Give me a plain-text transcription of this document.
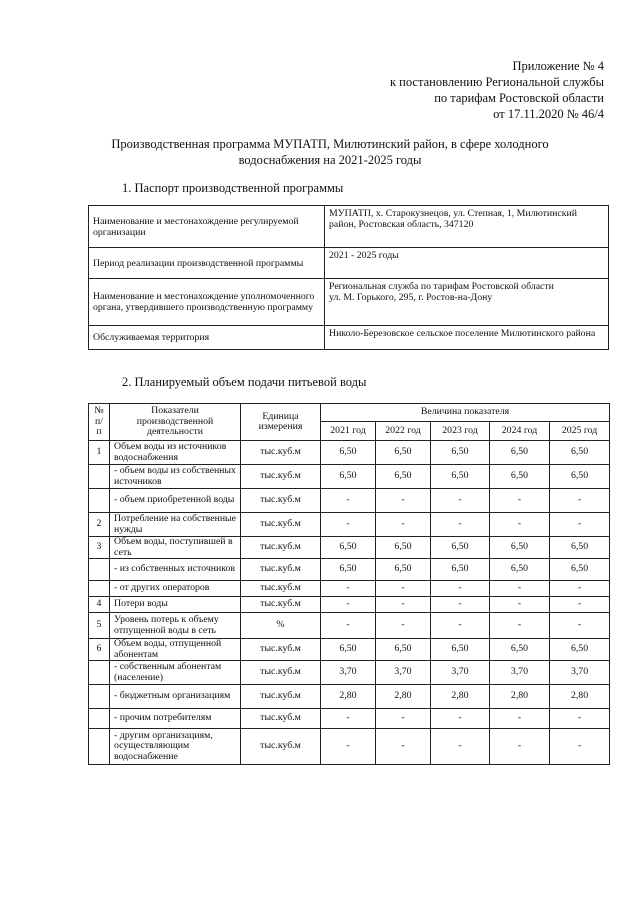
Приложение № 4
к постановлению Региональной службы
по тарифам Ростовской области
от 17.11.2020 № 46/4
Производственная программа МУПАТП, Милютинский район, в сфере холодного
водоснабжения на 2021-2025 годы
1. Паспорт производственной программы
Наименование и местонахождение регулируемой организации	МУПАТП, х. Старокузнецов, ул. Степная, 1, Милютинский район, Ростовская область, 347120
Период реализации производственной программы	2021 - 2025 годы
Наименование и местонахождение уполномоченного органа, утвердившего производственную программу	Региональная служба по тарифам Ростовской области
ул. М. Горького, 295, г. Ростов-на-Дону
Обслуживаемая территория	Николо-Березовское сельское поселение Милютинского района
2. Планируемый объем подачи питьевой воды
№ п/п	Показатели производственной деятельности	Единица измерения	Величина показателя				
			2021 год	2022 год	2023 год	2024 год	2025 год
1	Объем воды из источников водоснабжения	тыс.куб.м	6,50	6,50	6,50	6,50	6,50
	- объем воды из собственных источников	тыс.куб.м	6,50	6,50	6,50	6,50	6,50
	- объем приобретенной воды	тыс.куб.м	-	-	-	-	-
2	Потребление на собственные нужды	тыс.куб.м	-	-	-	-	-
3	Объем воды, поступившей в сеть	тыс.куб.м	6,50	6,50	6,50	6,50	6,50
	- из собственных источников	тыс.куб.м	6,50	6,50	6,50	6,50	6,50
	- от других операторов	тыс.куб.м	-	-	-	-	-
4	Потери воды	тыс.куб.м	-	-	-	-	-
5	Уровень потерь к объему отпущенной воды в сеть	%	-	-	-	-	-
6	Объем воды, отпущенной абонентам	тыс.куб.м	6,50	6,50	6,50	6,50	6,50
	- собственным абонентам (население)	тыс.куб.м	3,70	3,70	3,70	3,70	3,70
	- бюджетным организациям	тыс.куб.м	2,80	2,80	2,80	2,80	2,80
	- прочим потребителям	тыс.куб.м	-	-	-	-	-
	- другим организациям, осуществляющим водоснабжение	тыс.куб.м	-	-	-	-	-
